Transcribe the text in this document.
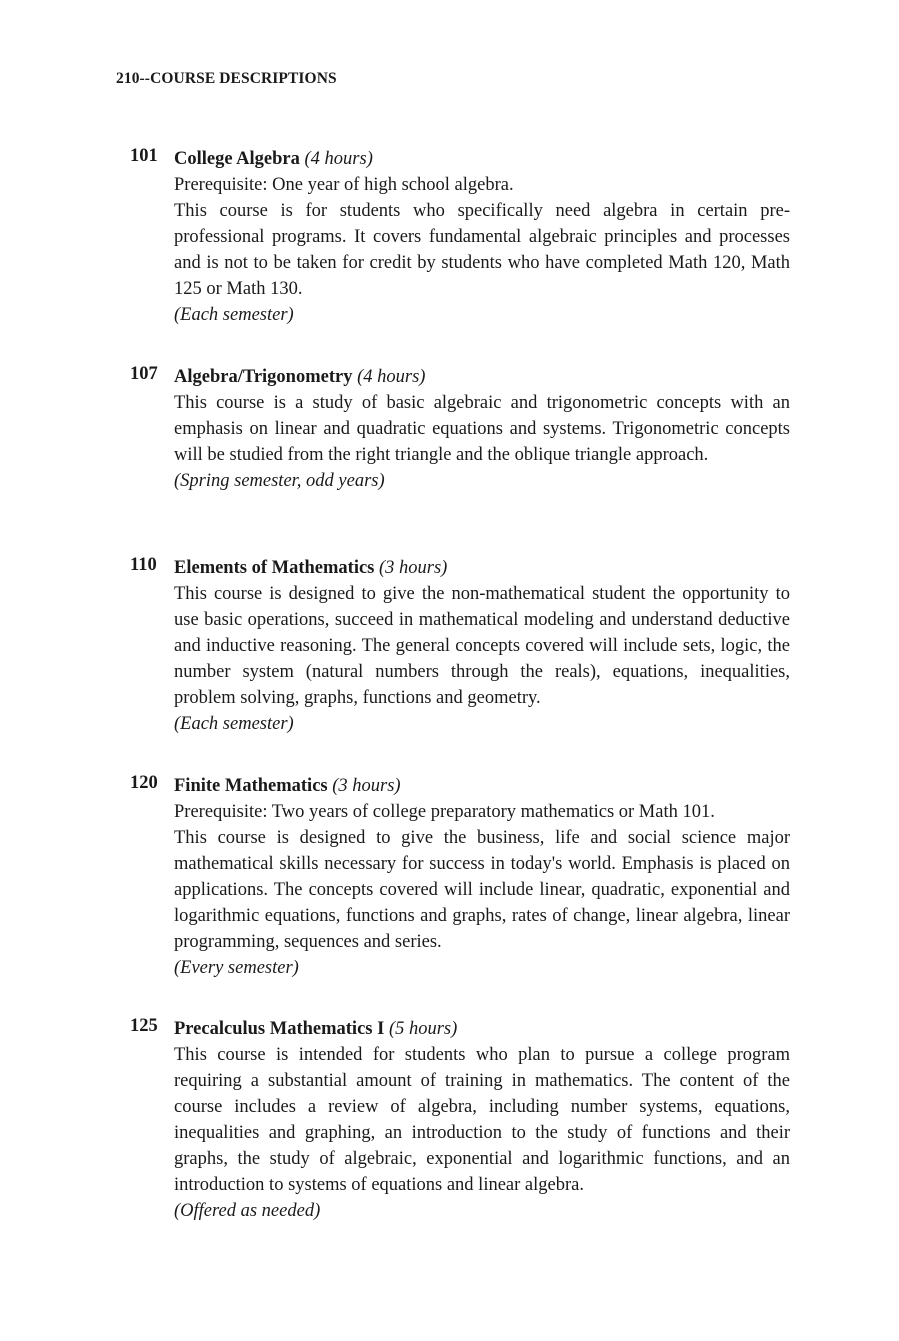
210--COURSE DESCRIPTIONS
101 College Algebra (4 hours)

Prerequisite: One year of high school algebra.

This course is for students who specifically need algebra in certain pre-professional programs. It covers fundamental algebraic principles and processes and is not to be taken for credit by students who have completed Math 120, Math 125 or Math 130.

(Each semester)

107 Algebra/Trigonometry (4 hours)

This course is a study of basic algebraic and trigonometric concepts with an emphasis on linear and quadratic equations and systems. Trigonometric concepts will be studied from the right triangle and the oblique triangle approach.

(Spring semester, odd years)

110 Elements of Mathematics (3 hours)

This course is designed to give the non-mathematical student the opportunity to use basic operations, succeed in mathematical modeling and understand deductive and inductive reasoning. The general concepts covered will include sets, logic, the number system (natural numbers through the reals), equations, inequalities, problem solving, graphs, functions and geometry.

(Each semester)

120 Finite Mathematics (3 hours)

Prerequisite: Two years of college preparatory mathematics or Math 101.

This course is designed to give the business, life and social science major mathematical skills necessary for success in today's world. Emphasis is placed on applications. The concepts covered will include linear, quadratic, exponential and logarithmic equations, functions and graphs, rates of change, linear algebra, linear programming, sequences and series.

(Every semester)

125 Precalculus Mathematics I (5 hours)

This course is intended for students who plan to pursue a college program requiring a substantial amount of training in mathematics. The content of the course includes a review of algebra, including number systems, equations, inequalities and graphing, an introduction to the study of functions and their graphs, the study of algebraic, exponential and logarithmic functions, and an introduction to systems of equations and linear algebra.

(Offered as needed)
